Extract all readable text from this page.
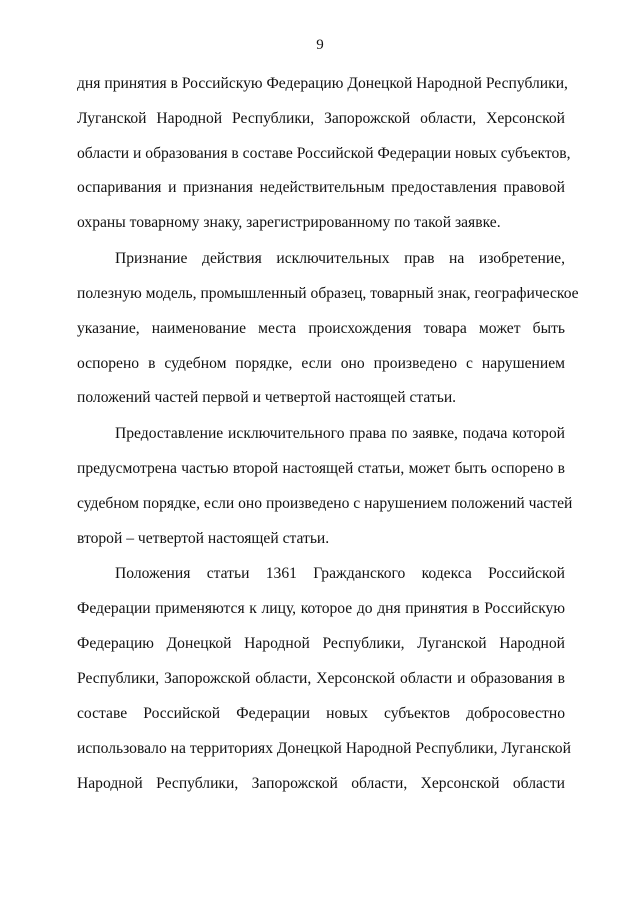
9
дня принятия в Российскую Федерацию Донецкой Народной Республики,
Луганской Народной Республики, Запорожской области, Херсонской
области и образования в составе Российской Федерации новых субъектов,
оспаривания и признания недействительным предоставления правовой
охраны товарному знаку, зарегистрированному по такой заявке.
Признание действия исключительных прав на изобретение,
полезную модель, промышленный образец, товарный знак, географическое
указание, наименование места происхождения товара может быть
оспорено в судебном порядке, если оно произведено с нарушением
положений частей первой и четвертой настоящей статьи.
Предоставление исключительного права по заявке, подача которой
предусмотрена частью второй настоящей статьи, может быть оспорено в
судебном порядке, если оно произведено с нарушением положений частей
второй – четвертой настоящей статьи.
Положения статьи 1361 Гражданского кодекса Российской
Федерации применяются к лицу, которое до дня принятия в Российскую
Федерацию Донецкой Народной Республики, Луганской Народной
Республики, Запорожской области, Херсонской области и образования в
составе Российской Федерации новых субъектов добросовестно
использовало на территориях Донецкой Народной Республики, Луганской
Народной Республики, Запорожской области, Херсонской области
